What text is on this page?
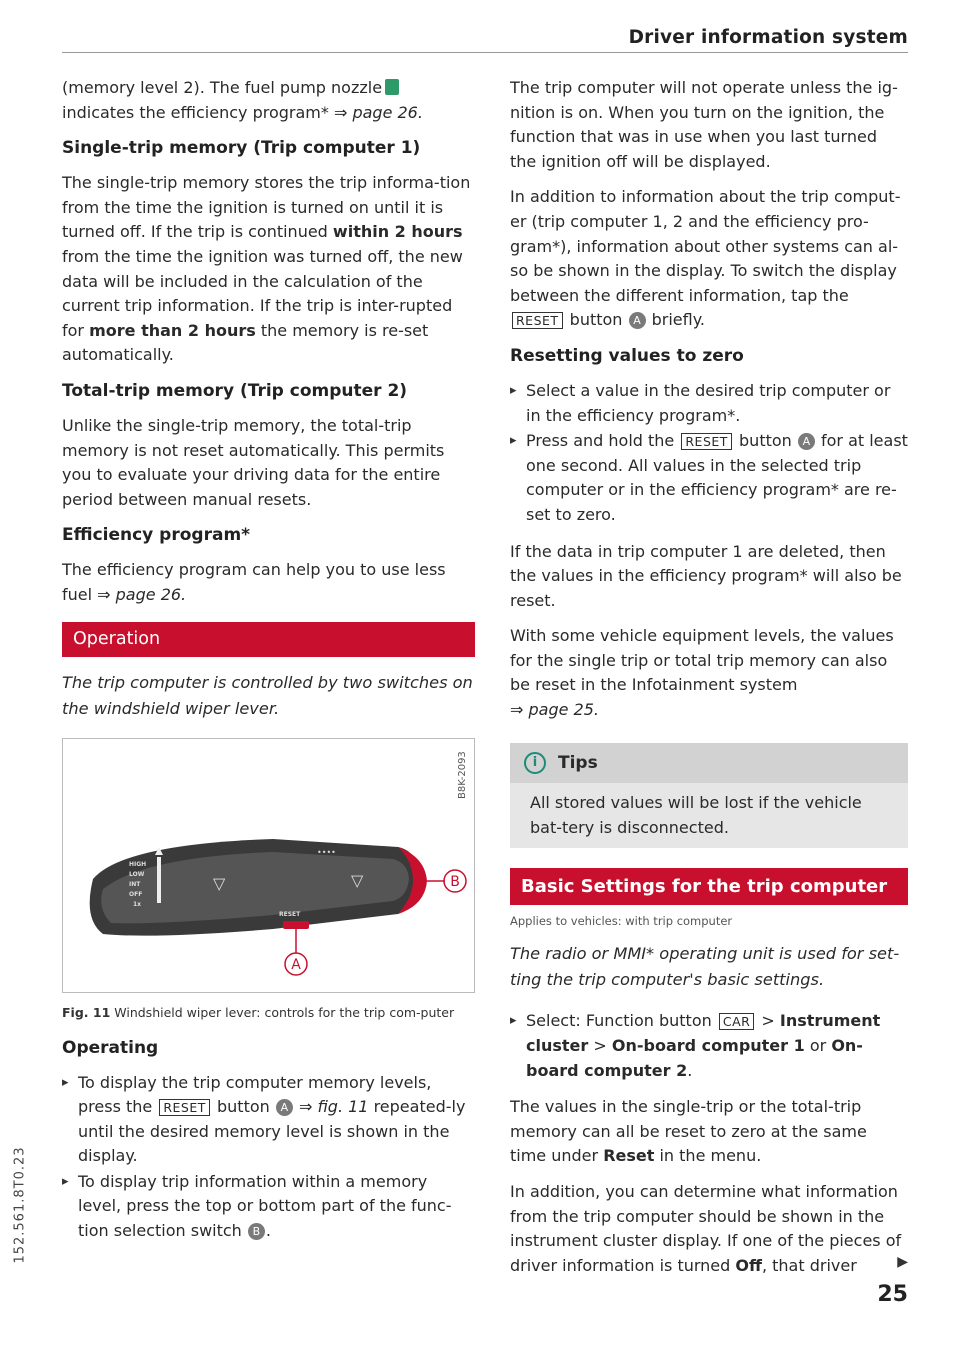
Driver information system

(memory level 2). The fuel pump nozzle
indicates the efficiency program* ⇒ page 26.

Single-trip memory (Trip computer 1)

The single-trip memory stores the trip informa-tion from the time the ignition is turned on until it is turned off. If the trip is continued within 2 hours from the time the ignition was turned off, the new data will be included in the calculation of the current trip information. If the trip is inter-rupted for more than 2 hours the memory is re-set automatically.

Total-trip memory (Trip computer 2)

Unlike the single-trip memory, the total-trip memory is not reset automatically. This permits you to evaluate your driving data for the entire period between manual resets.

Efficiency program*

The efficiency program can help you to use less fuel ⇒ page 26.

Operation

The trip computer is controlled by two switches on the windshield wiper lever.

B8K-2093
HIGH
LOW
INT
OFF
1x
RESET
▽	▽
••••
B
A

Fig. 11 Windshield wiper lever: controls for the trip com-puter

Operating
▸ To display the trip computer memory levels, press the RESET button A ⇒ fig. 11 repeated-ly until the desired memory level is shown in the display.
▸ To display trip information within a memory level, press the top or bottom part of the func-tion selection switch B .

The trip computer will not operate unless the ig-nition is on. When you turn on the ignition, the function that was in use when you last turned the ignition off will be displayed.

In addition to information about the trip comput-er (trip computer 1, 2 and the efficiency pro-gram*), information about other systems can al-so be shown in the display. To switch the display between the different information, tap the RESET button A briefly.

Resetting values to zero
▸ Select a value in the desired trip computer or in the efficiency program*.
▸ Press and hold the RESET button A for at least one second. All values in the selected trip computer or in the efficiency program* are re-set to zero.

If the data in trip computer 1 are deleted, then the values in the efficiency program* will also be reset.

With some vehicle equipment levels, the values for the single trip or total trip memory can also be reset in the Infotainment system
⇒ page 25.

i	Tips
All stored values will be lost if the vehicle bat-tery is disconnected.
Basic Settings for the trip computer
Applies to vehicles: with trip computer

The radio or MMI* operating unit is used for set-ting the trip computer's basic settings.

▸ Select: Function button CAR > Instrument cluster > On-board computer 1 or On-board computer 2.

The values in the single-trip or the total-trip memory can all be reset to zero at the same time under Reset in the menu.

In addition, you can determine what information from the trip computer should be shown in the instrument cluster display. If one of the pieces of driver information is turned Off, that driver	▶
25
152.561.8T0.23
